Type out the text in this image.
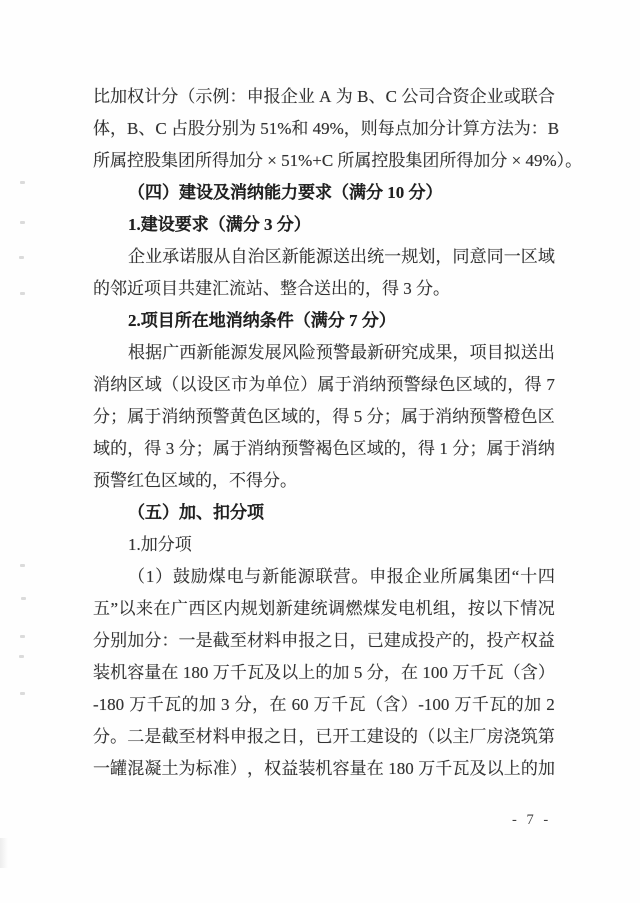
比 加 权 计 分 （ 示 例 ： 申 报 企 业
A
为
B 、 C
公 司 合 资 企 业 或 联 合
体 ， B 、 C
占 股 分 别 为
51% 和
49% ， 则 每 点 加 分 计 算 方 法 为 ： B
所属控股集团所得加分 × 51%+C 所属控股集团所得加分 × 49%）。
（四）建设及消纳能力要求（满分 10 分）
1.建设要求（满分 3 分）
企 业 承 诺 服 从 自 治 区 新 能 源 送 出 统 一 规 划 ， 同 意 同 一 区 域
的邻近项目共建汇流站、整合送出的，得 3 分。
2.项目所在地消纳条件（满分 7 分）
根 据 广 西 新 能 源 发 展 风 险 预 警 最 新 研 究 成 果 ， 项 目 拟 送 出
消 纳 区 域 （ 以 设 区 市 为 单 位 ） 属 于 消 纳 预 警 绿 色 区 域 的 ， 得
7
分 ； 属 于 消 纳 预 警 黄 色 区 域 的 ， 得
5
分 ； 属 于 消 纳 预 警 橙 色 区
域 的 ， 得
3
分 ； 属 于 消 纳 预 警 褐 色 区 域 的 ， 得
1
分 ； 属 于 消 纳
预警红色区域的，不得分。
（五）加、扣分项
1.加分项
（ 1 ） 鼓 励 煤 电 与 新 能 源 联 营 。 申 报 企 业 所 属 集 团 “ 十 四
五 ” 以 来 在 广 西 区 内 规 划 新 建 统 调 燃 煤 发 电 机 组 ， 按 以 下 情 况
分 别 加 分 ： 一 是 截 至 材 料 申 报 之 日 ， 已 建 成 投 产 的 ， 投 产 权 益
装 机 容 量 在
180
万 千 瓦 及 以 上 的 加
5
分 ， 在
100
万 千 瓦 （ 含 ）
-180
万 千 瓦 的 加
3
分 ， 在
60
万 千 瓦 （ 含 ） -100
万 千 瓦 的 加
2
分 。 二 是 截 至 材 料 申 报 之 日 ， 已 开 工 建 设 的 （ 以 主 厂 房 浇 筑 第
一 罐 混 凝 土 为 标 准 ） ， 权 益 装 机 容 量 在
180
万 千 瓦 及 以 上 的 加
- 7 -
